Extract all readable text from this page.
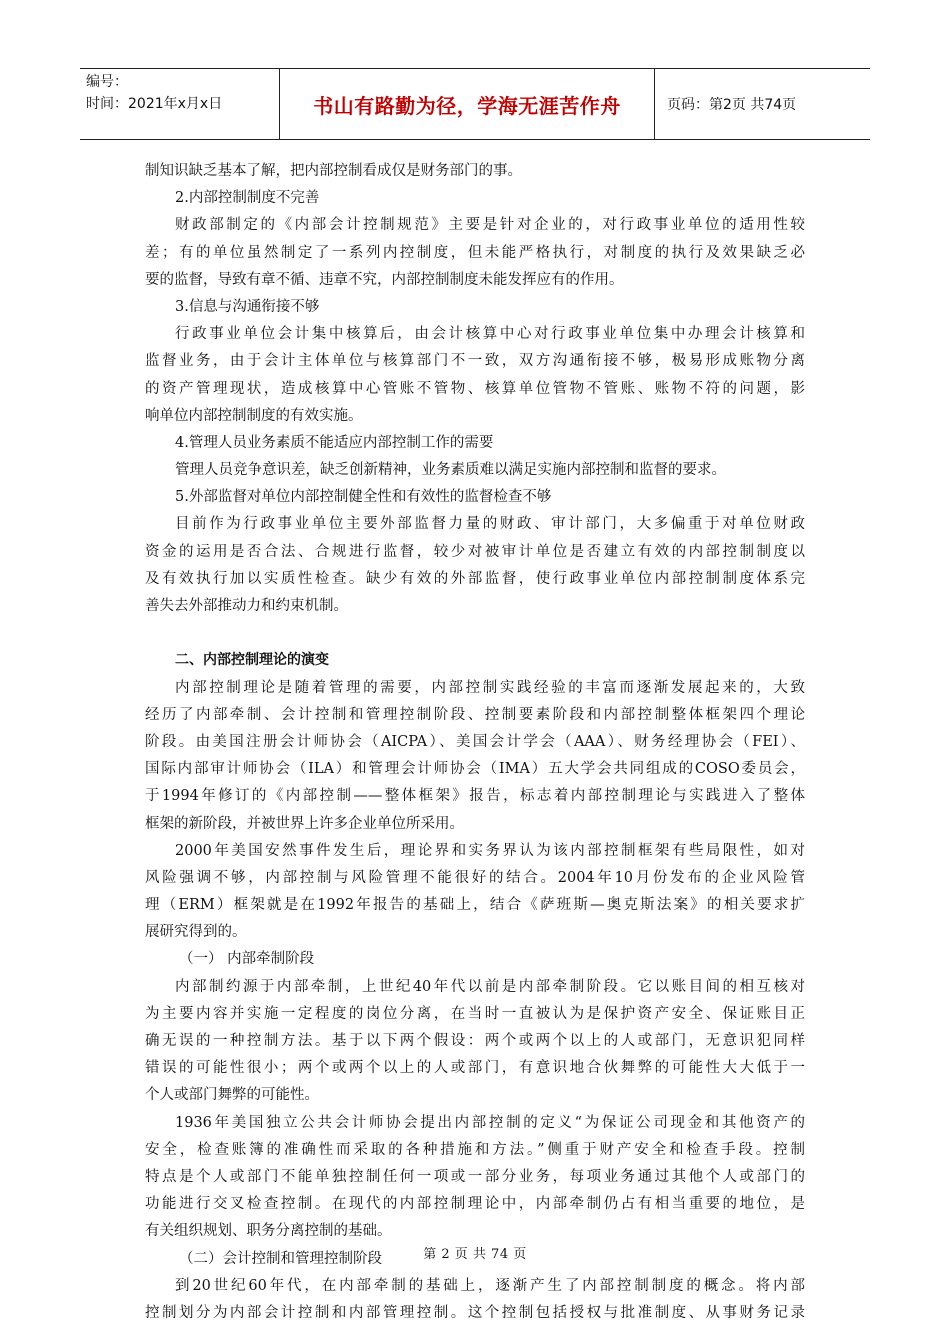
编号：
时间：2021年x月x日	书山有路勤为径，学海无涯苦作舟	页码：第2页 共74页
制知识缺乏基本了解，把内部控制看成仅是财务部门的事。
2.内部控制制度不完善
财政部制定的《内部会计控制规范》主要是针对企业的，对行政事业单位的适用性较
差；有的单位虽然制定了一系列内控制度，但未能严格执行，对制度的执行及效果缺乏必
要的监督，导致有章不循、违章不究，内部控制制度未能发挥应有的作用。
3.信息与沟通衔接不够
行政事业单位会计集中核算后，由会计核算中心对行政事业单位集中办理会计核算和
监督业务，由于会计主体单位与核算部门不一致，双方沟通衔接不够，极易形成账物分离
的资产管理现状，造成核算中心管账不管物、核算单位管物不管账、账物不符的问题，影
响单位内部控制制度的有效实施。
4.管理人员业务素质不能适应内部控制工作的需要
管理人员竞争意识差，缺乏创新精神，业务素质难以满足实施内部控制和监督的要求。
5.外部监督对单位内部控制健全性和有效性的监督检查不够
目前作为行政事业单位主要外部监督力量的财政、审计部门，大多偏重于对单位财政
资金的运用是否合法、合规进行监督，较少对被审计单位是否建立有效的内部控制制度以
及有效执行加以实质性检查。缺少有效的外部监督，使行政事业单位内部控制制度体系完
善失去外部推动力和约束机制。
二、内部控制理论的演变
内部控制理论是随着管理的需要，内部控制实践经验的丰富而逐渐发展起来的，大致
经历了内部牵制、会计控制和管理控制阶段、控制要素阶段和内部控制整体框架四个理论
阶段。由美国注册会计师协会（AICPA）、美国会计学会（AAA）、财务经理协会（FEI）、
国际内部审计师协会（ILA）和管理会计师协会（IMA）五大学会共同组成的COSO委员会，
于1994年修订的《内部控制——整体框架》报告，标志着内部控制理论与实践进入了整体
框架的新阶段，并被世界上许多企业单位所采用。
2000年美国安然事件发生后，理论界和实务界认为该内部控制框架有些局限性，如对
风险强调不够，内部控制与风险管理不能很好的结合。2004年10月份发布的企业风险管
理（ERM）框架就是在1992年报告的基础上，结合《萨班斯—奥克斯法案》的相关要求扩
展研究得到的。
（一） 内部牵制阶段
内部制约源于内部牵制，上世纪40年代以前是内部牵制阶段。它以账目间的相互核对
为主要内容并实施一定程度的岗位分离，在当时一直被认为是保护资产安全、保证账目正
确无误的一种控制方法。基于以下两个假设：两个或两个以上的人或部门，无意识犯同样
错误的可能性很小；两个或两个以上的人或部门，有意识地合伙舞弊的可能性大大低于一
个人或部门舞弊的可能性。
1936年美国独立公共会计师协会提出内部控制的定义“为保证公司现金和其他资产的
安全，检查账簿的准确性而采取的各种措施和方法。”侧重于财产安全和检查手段。控制
特点是个人或部门不能单独控制任何一项或一部分业务，每项业务通过其他个人或部门的
功能进行交叉检查控制。在现代的内部控制理论中，内部牵制仍占有相当重要的地位，是
有关组织规划、职务分离控制的基础。
（二）会计控制和管理控制阶段
到20世纪60年代，在内部牵制的基础上，逐渐产生了内部控制制度的概念。将内部
控制划分为内部会计控制和内部管理控制。这个控制包括授权与批准制度、从事财务记录
第 2 页 共 74 页
